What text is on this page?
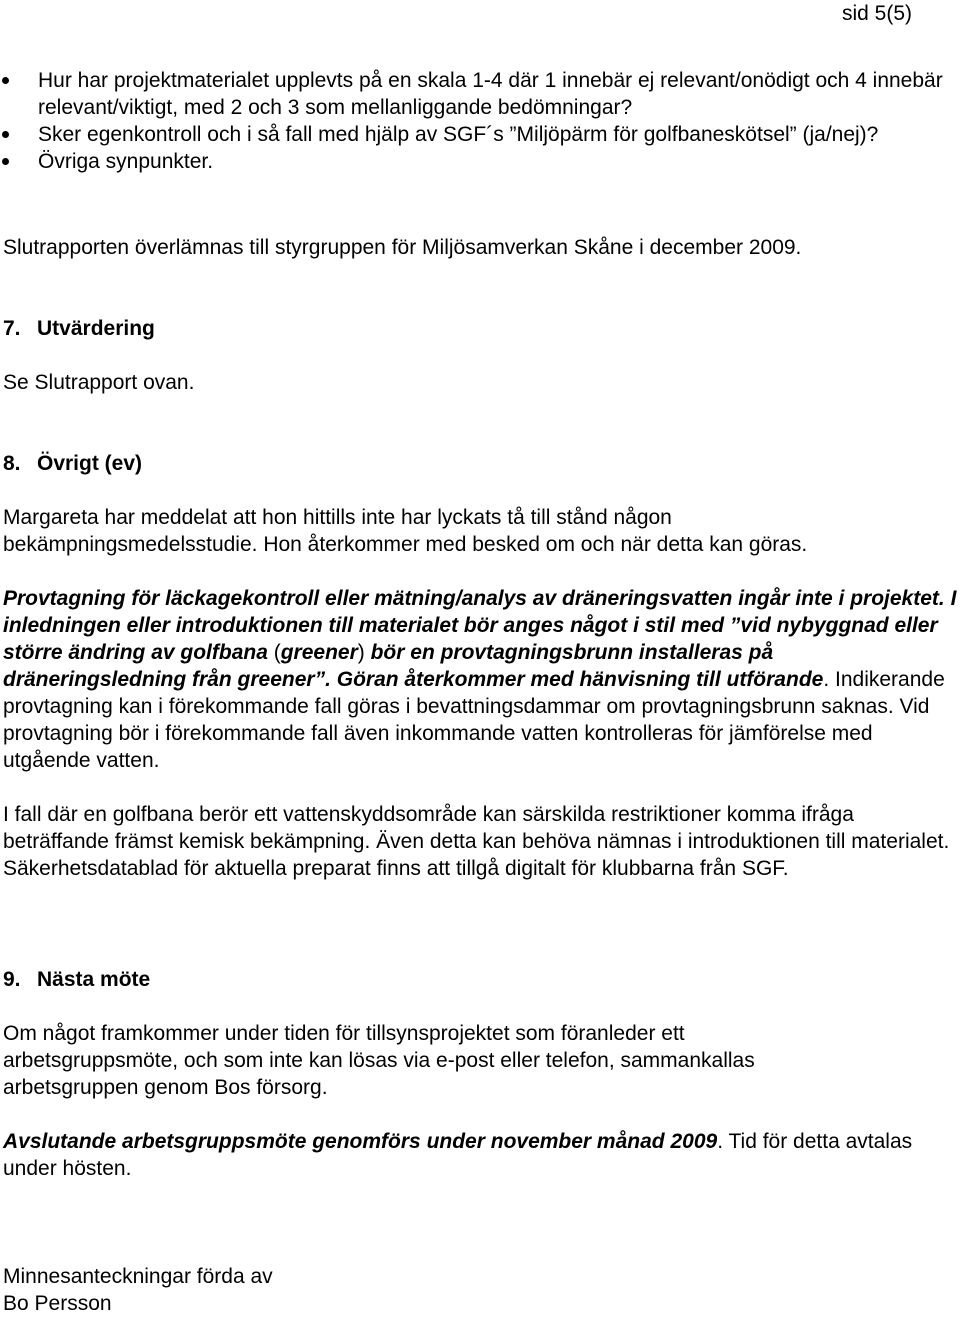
sid 5(5)
Hur har projektmaterialet upplevts på en skala 1-4 där 1 innebär ej relevant/onödigt och 4 innebär relevant/viktigt, med 2 och 3 som mellanliggande bedömningar?
Sker egenkontroll och i så fall med hjälp av SGF´s ”Miljöpärm för golfbaneskötsel” (ja/nej)?
Övriga synpunkter.

Slutrapporten överlämnas till styrgruppen för Miljösamverkan Skåne i december 2009.

7. Utvärdering

Se Slutrapport ovan.

8. Övrigt (ev)

Margareta har meddelat att hon hittills inte har lyckats tå till stånd någon bekämpningsmedelsstudie. Hon återkommer med besked om och när detta kan göras.

Provtagning för läckagekontroll eller mätning/analys av dräneringsvatten ingår inte i projektet. I inledningen eller introduktionen till materialet bör anges något i stil med ”vid nybyggnad eller större ändring av golfbana (greener) bör en provtagningsbrunn installeras på dräneringsledning från greener”. Göran återkommer med hänvisning till utförande. Indikerande provtagning kan i förekommande fall göras i bevattningsdammar om provtagningsbrunn saknas. Vid provtagning bör i förekommande fall även inkommande vatten kontrolleras för jämförelse med utgående vatten.

I fall där en golfbana berör ett vattenskyddsområde kan särskilda restriktioner komma ifråga beträffande främst kemisk bekämpning. Även detta kan behöva nämnas i introduktionen till materialet. Säkerhetsdatablad för aktuella preparat finns att tillgå digitalt för klubbarna från SGF.

9. Nästa möte

Om något framkommer under tiden för tillsynsprojektet som föranleder ett arbetsgruppsmöte, och som inte kan lösas via e-post eller telefon, sammankallas arbetsgruppen genom Bos försorg.

Avslutande arbetsgruppsmöte genomförs under november månad 2009. Tid för detta avtalas under hösten.

Minnesanteckningar förda av
Bo Persson
